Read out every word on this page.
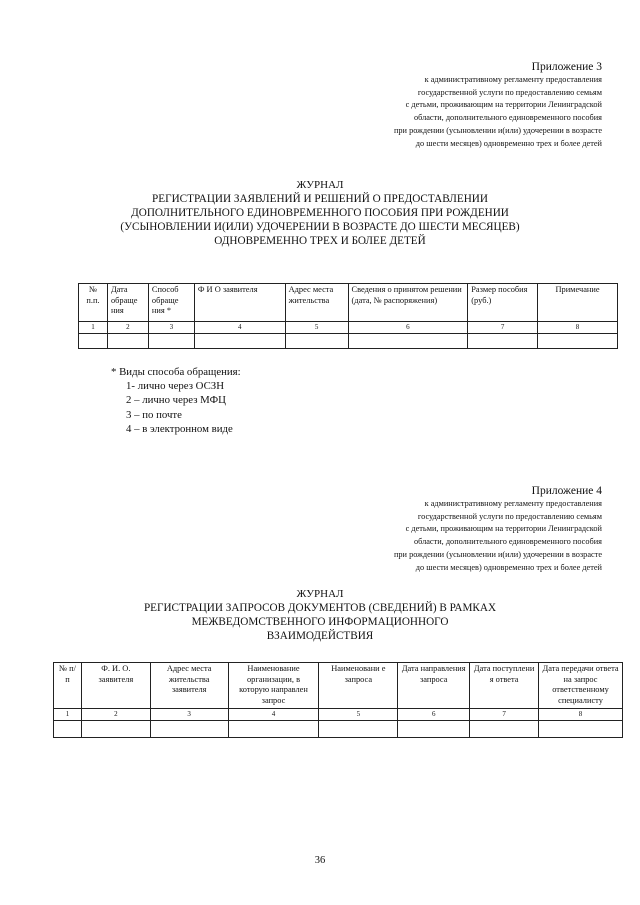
Приложение 3
к административному регламенту предоставления
государственной услуги по предоставлению семьям
с детьми, проживающим на территории Ленинградской
области, дополнительного единовременного пособия
при рождении (усыновлении и(или) удочерении в возрасте
до шести месяцев) одновременно трех и более детей
ЖУРНАЛ
РЕГИСТРАЦИИ ЗАЯВЛЕНИЙ И РЕШЕНИЙ О ПРЕДОСТАВЛЕНИИ
ДОПОЛНИТЕЛЬНОГО ЕДИНОВРЕМЕННОГО ПОСОБИЯ ПРИ РОЖДЕНИИ
(УСЫНОВЛЕНИИ И(ИЛИ) УДОЧЕРЕНИИ В ВОЗРАСТЕ ДО ШЕСТИ МЕСЯЦЕВ)
ОДНОВРЕМЕННО ТРЕХ И БОЛЕЕ ДЕТЕЙ
№ п.п.	Дата обраще ния	Способ обраще ния *	Ф И О заявителя	Адрес места жительства	Сведения о принятом решении (дата, № распоряжения)	Размер пособия (руб.)	Примечание
1	2	3	4	5	6	7	8

* Виды способа обращения:
1- лично через ОСЗН
2 – лично через МФЦ
3 – по почте
4 – в электронном виде
Приложение 4
к административному регламенту предоставления
государственной услуги по предоставлению семьям
с детьми, проживающим на территории Ленинградской
области, дополнительного единовременного пособия
при рождении (усыновлении и(или) удочерении в возрасте
до шести месяцев) одновременно трех и более детей
ЖУРНАЛ
РЕГИСТРАЦИИ ЗАПРОСОВ ДОКУМЕНТОВ (СВЕДЕНИЙ) В РАМКАХ
МЕЖВЕДОМСТВЕННОГО ИНФОРМАЦИОННОГО
ВЗАИМОДЕЙСТВИЯ
№ п/п	Ф. И. О. заявителя	Адрес места жительства заявителя	Наименование организации, в которую направлен запрос	Наименовани е запроса	Дата направления запроса	Дата поступлени я ответа	Дата передачи ответа на запрос ответственному специалисту
1	2	3	4	5	6	7	8

36
